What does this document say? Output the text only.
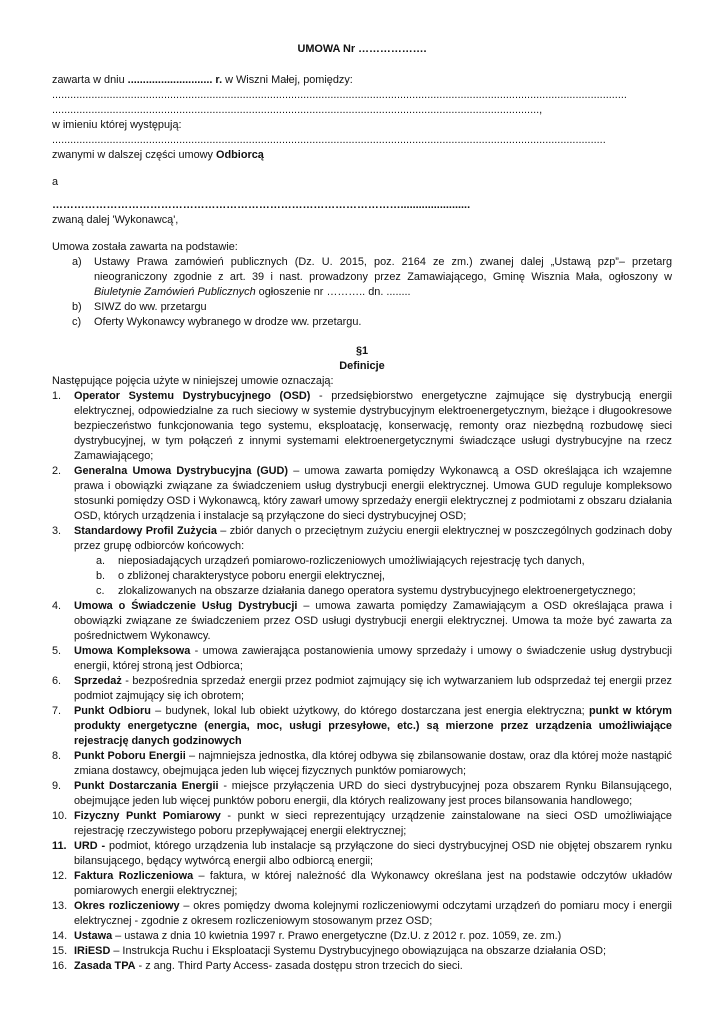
UMOWA Nr ……………….

zawarta w dniu ............................ r. w Wiszni Małej, pomiędzy:

..............................................................................................................................................................................................

.................................................................................................................................................................,

w imieniu której występują:

.......................................................................................................................................................................................

zwanymi w dalszej części umowy Odbiorcą

a

…………………………………………………………………………………….......................

zwaną dalej 'Wykonawcą',

Umowa została zawarta na podstawie:

a)	Ustawy Prawa zamówień publicznych (Dz. U. 2015, poz. 2164 ze zm.) zwanej dalej „Ustawą pzp”– przetarg nieograniczony zgodnie z art. 39 i nast. prowadzony przez Zamawiającego, Gminę Wisznia Mała, ogłoszony w Biuletynie Zamówień Publicznych ogłoszenie nr ……….. dn. ........
b)	SIWZ do ww. przetargu
c)	Oferty Wykonawcy wybranego w drodze ww. przetargu.
§1
Definicje

Następujące pojęcia użyte w niniejszej umowie oznaczają:

1.	Operator Systemu Dystrybucyjnego (OSD) - przedsiębiorstwo energetyczne zajmujące się dystrybucją energii elektrycznej, odpowiedzialne za ruch sieciowy w systemie dystrybucyjnym elektroenergetycznym, bieżące i długookresowe bezpieczeństwo funkcjonowania tego systemu, eksploatację, konserwację, remonty oraz niezbędną rozbudowę sieci dystrybucyjnej, w tym połączeń z innymi systemami elektroenergetycznymi świadczące usługi dystrybucyjne na rzecz Zamawiającego;
2.	Generalna Umowa Dystrybucyjna (GUD) – umowa zawarta pomiędzy Wykonawcą a OSD określająca ich wzajemne prawa i obowiązki związane za świadczeniem usług dystrybucji energii elektrycznej. Umowa GUD reguluje kompleksowo stosunki pomiędzy OSD i Wykonawcą, który zawarł umowy sprzedaży energii elektrycznej z podmiotami z obszaru działania OSD, których urządzenia i instalacje są przyłączone do sieci dystrybucyjnej OSD;
3.	Standardowy Profil Zużycia – zbiór danych o przeciętnym zużyciu energii elektrycznej w poszczególnych godzinach doby przez grupę odbiorców końcowych:
a.	nieposiadających urządzeń pomiarowo-rozliczeniowych umożliwiających rejestrację tych danych,
b.	o zbliżonej charakterystyce poboru energii elektrycznej,
c.	zlokalizowanych na obszarze działania danego operatora systemu dystrybucyjnego elektroenergetycznego;
4.	Umowa o Świadczenie Usług Dystrybucji – umowa zawarta pomiędzy Zamawiającym a OSD określająca prawa i obowiązki związane ze świadczeniem przez OSD usługi dystrybucji energii elektrycznej. Umowa ta może być zawarta za pośrednictwem Wykonawcy.
5.	Umowa Kompleksowa - umowa zawierająca postanowienia umowy sprzedaży i umowy o świadczenie usług dystrybucji energii, której stroną jest Odbiorca;
6.	Sprzedaż - bezpośrednia sprzedaż energii przez podmiot zajmujący się ich wytwarzaniem lub odsprzedaż tej energii przez podmiot zajmujący się ich obrotem;
7.	Punkt Odbioru – budynek, lokal lub obiekt użytkowy, do którego dostarczana jest energia elektryczna; punkt w którym produkty energetyczne (energia, moc, usługi przesyłowe, etc.) są mierzone przez urządzenia umożliwiające rejestrację danych godzinowych
8.	Punkt Poboru Energii – najmniejsza jednostka, dla której odbywa się zbilansowanie dostaw, oraz dla której może nastąpić zmiana dostawcy, obejmująca jeden lub więcej fizycznych punktów pomiarowych;
9.	Punkt Dostarczania Energii - miejsce przyłączenia URD do sieci dystrybucyjnej poza obszarem Rynku Bilansującego, obejmujące jeden lub więcej punktów poboru energii, dla których realizowany jest proces bilansowania handlowego;
10. Fizyczny Punkt Pomiarowy - punkt w sieci reprezentujący urządzenie zainstalowane na sieci OSD umożliwiające rejestrację rzeczywistego poboru przepływającej energii elektrycznej;
11. URD - podmiot, którego urządzenia lub instalacje są przyłączone do sieci dystrybucyjnej OSD nie objętej obszarem rynku bilansującego, będący wytwórcą energii albo odbiorcą energii;
12. Faktura Rozliczeniowa – faktura, w której należność dla Wykonawcy określana jest na podstawie odczytów układów pomiarowych energii elektrycznej;
13. Okres rozliczeniowy – okres pomiędzy dwoma kolejnymi rozliczeniowymi odczytami urządzeń do pomiaru mocy i energii elektrycznej - zgodnie z okresem rozliczeniowym stosowanym przez OSD;
14. Ustawa – ustawa z dnia 10 kwietnia 1997 r. Prawo energetyczne (Dz.U. z 2012 r. poz. 1059, ze. zm.)
15. IRiESD – Instrukcja Ruchu i Eksploatacji Systemu Dystrybucyjnego obowiązująca na obszarze działania OSD;
16. Zasada TPA - z ang. Third Party Access- zasada dostępu stron trzecich do sieci.
